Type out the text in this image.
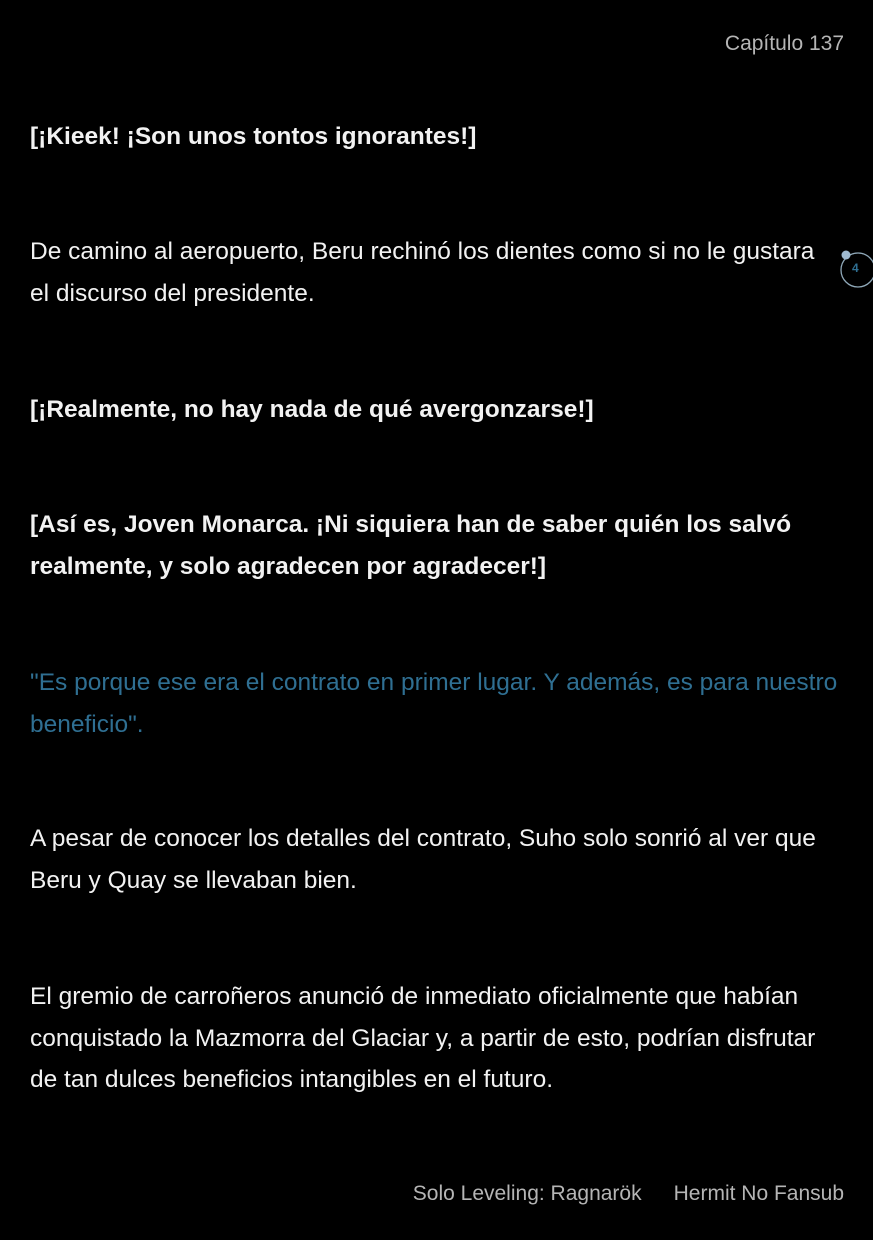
Capítulo 137

[¡Kieek! ¡Son unos tontos ignorantes!]

De camino al aeropuerto, Beru rechinó los dientes como si no le gustara el discurso del presidente.

[¡Realmente, no hay nada de qué avergonzarse!]

[Así es, Joven Monarca. ¡Ni siquiera han de saber quién los salvó realmente, y solo agradecen por agradecer!]

"Es porque ese era el contrato en primer lugar. Y además, es para nuestro beneficio".

A pesar de conocer los detalles del contrato, Suho solo sonrió al ver que Beru y Quay se llevaban bien.

El gremio de carroñeros anunció de inmediato oficialmente que habían conquistado la Mazmorra del Glaciar y, a partir de esto, podrían disfrutar de tan dulces beneficios intangibles en el futuro.

4
Solo Leveling: Ragnarök Hermit No Fansub
